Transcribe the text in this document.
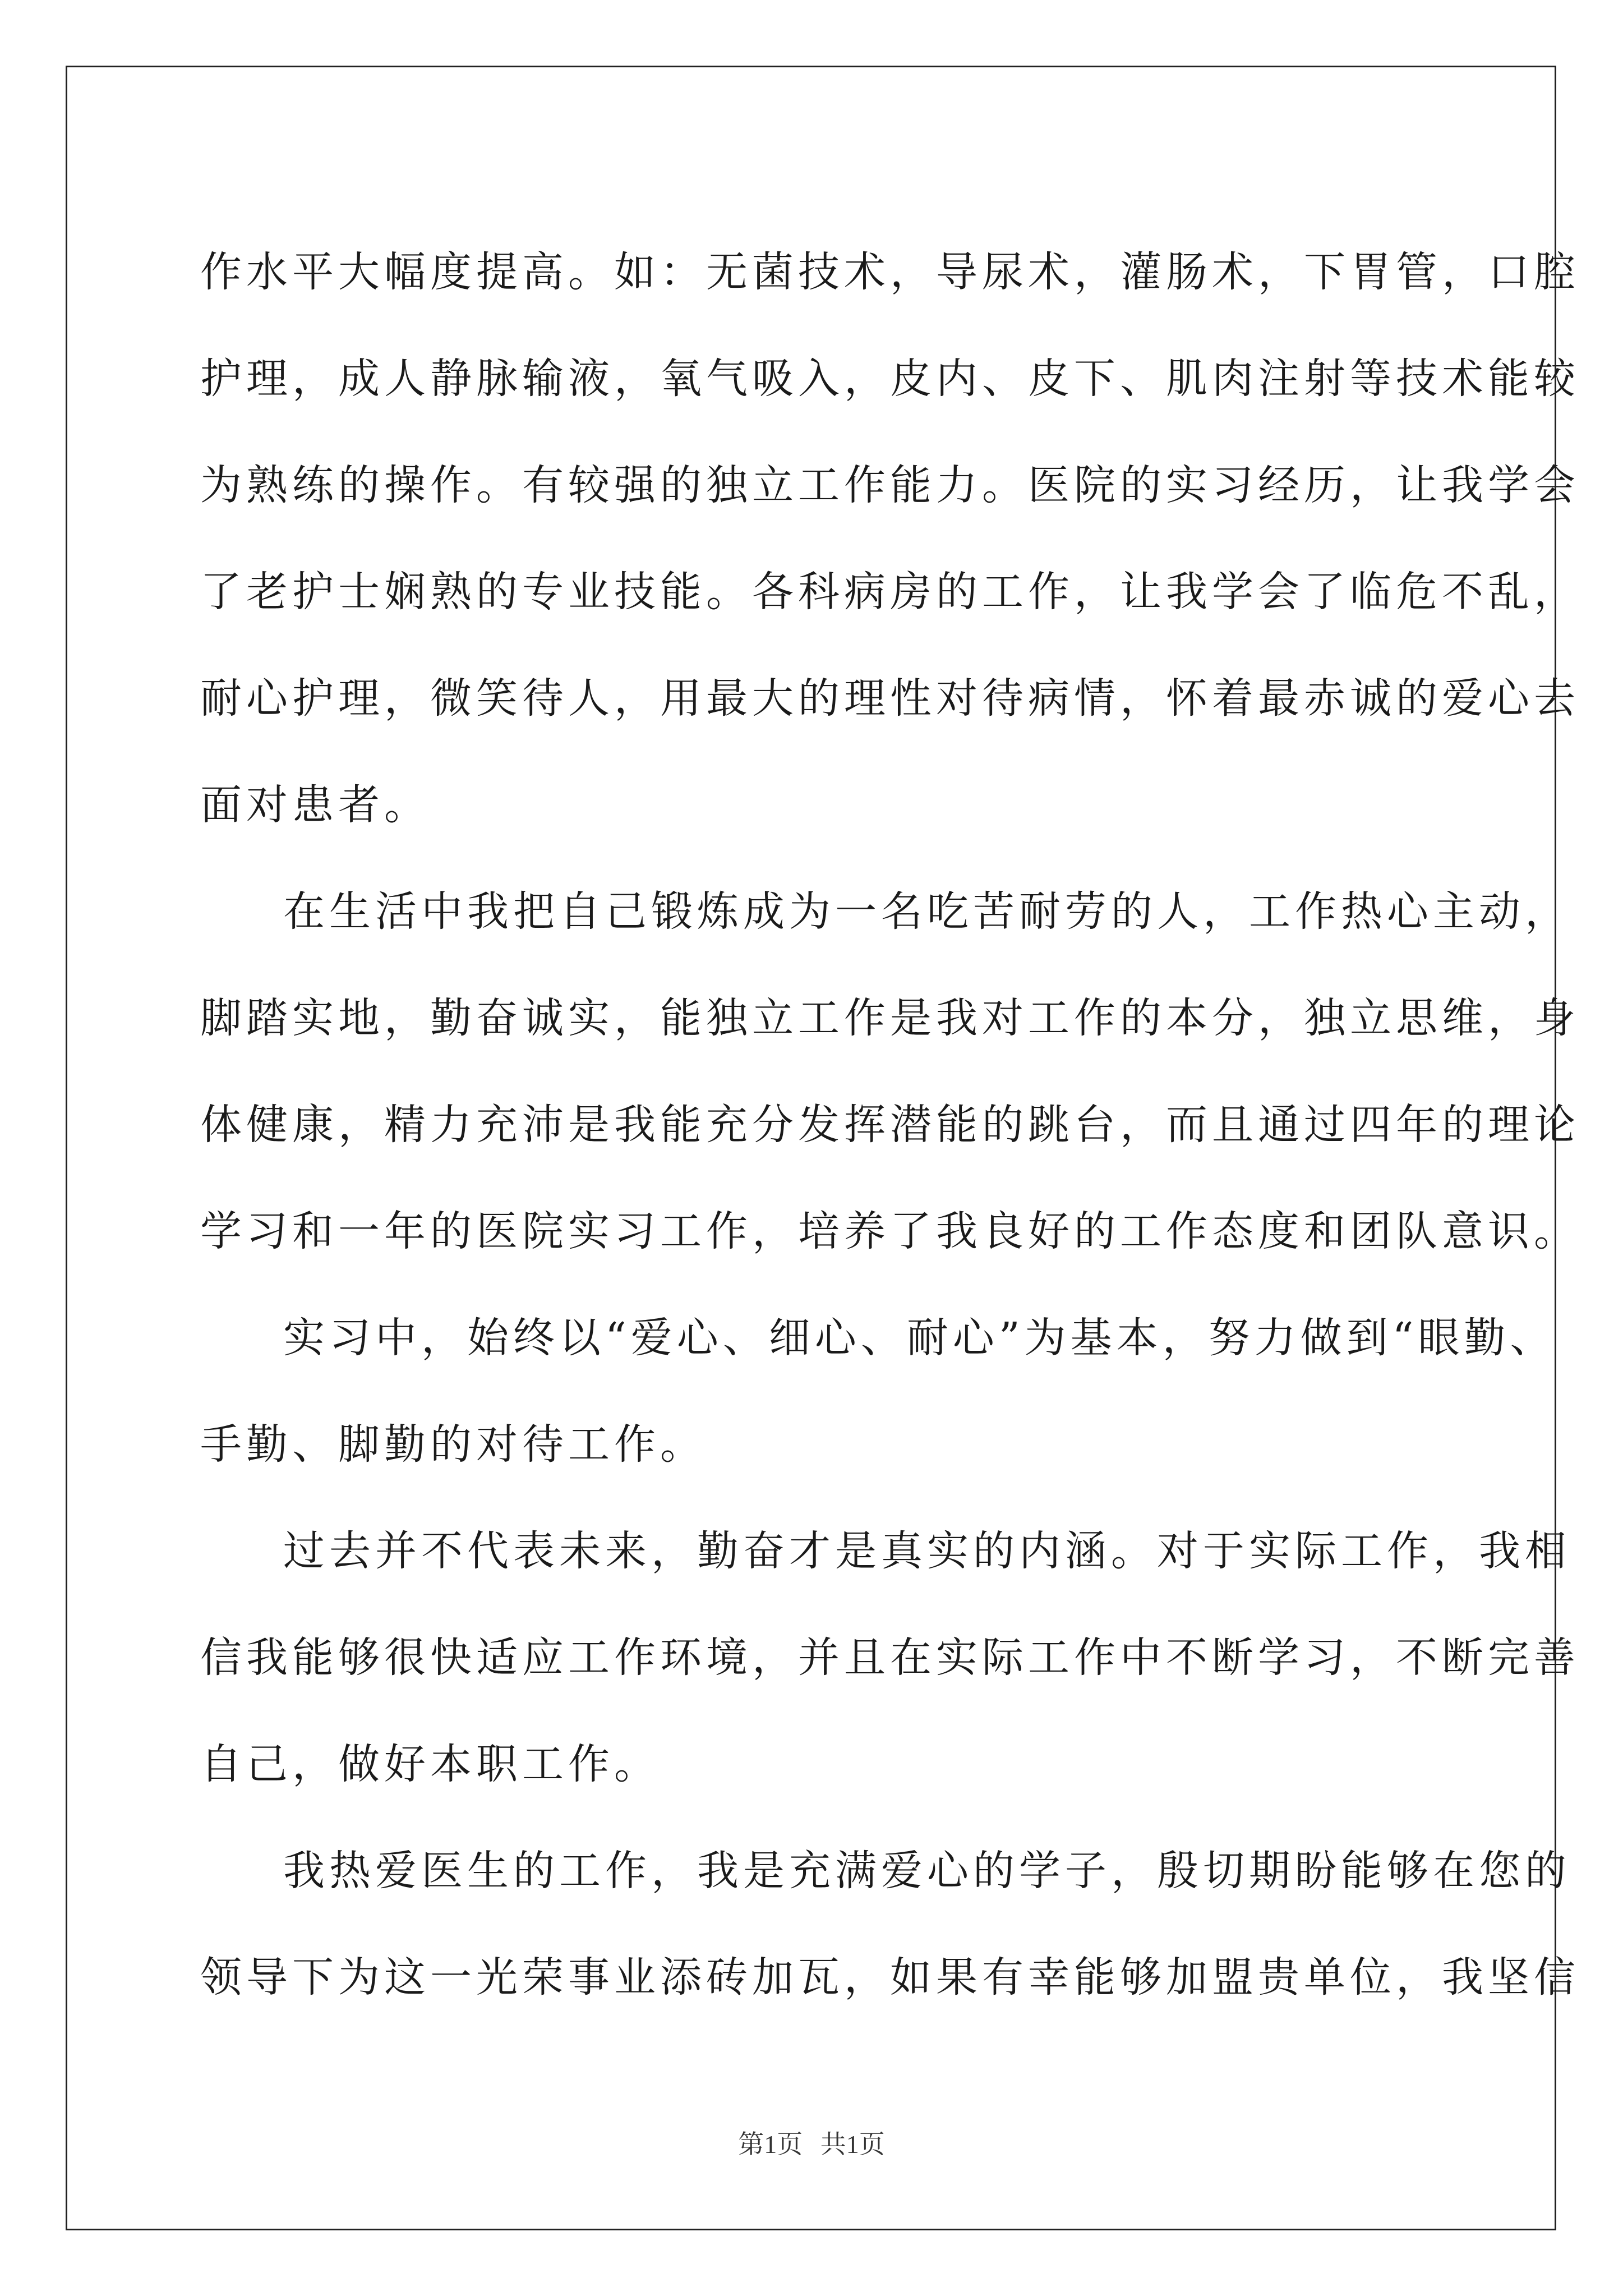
作水平大幅度提高。如：无菌技术，导尿术，灌肠术，下胃管，口腔
护理，成人静脉输液，氧气吸入，皮内、皮下、肌肉注射等技术能较
为熟练的操作。有较强的独立工作能力。医院的实习经历，让我学会
了老护士娴熟的专业技能。各科病房的工作，让我学会了临危不乱，
耐心护理，微笑待人，用最大的理性对待病情，怀着最赤诚的爱心去
面对患者。
在生活中我把自己锻炼成为一名吃苦耐劳的人，工作热心主动，
脚踏实地，勤奋诚实，能独立工作是我对工作的本分，独立思维，身
体健康，精力充沛是我能充分发挥潜能的跳台，而且通过四年的理论
学习和一年的医院实习工作，培养了我良好的工作态度和团队意识。
实习中，始终以“爱心、细心、耐心”为基本，努力做到“眼勤、
手勤、脚勤的对待工作。
过去并不代表未来，勤奋才是真实的内涵。对于实际工作，我相
信我能够很快适应工作环境，并且在实际工作中不断学习，不断完善
自己，做好本职工作。
我热爱医生的工作，我是充满爱心的学子，殷切期盼能够在您的
领导下为这一光荣事业添砖加瓦，如果有幸能够加盟贵单位，我坚信
第1页 共1页
